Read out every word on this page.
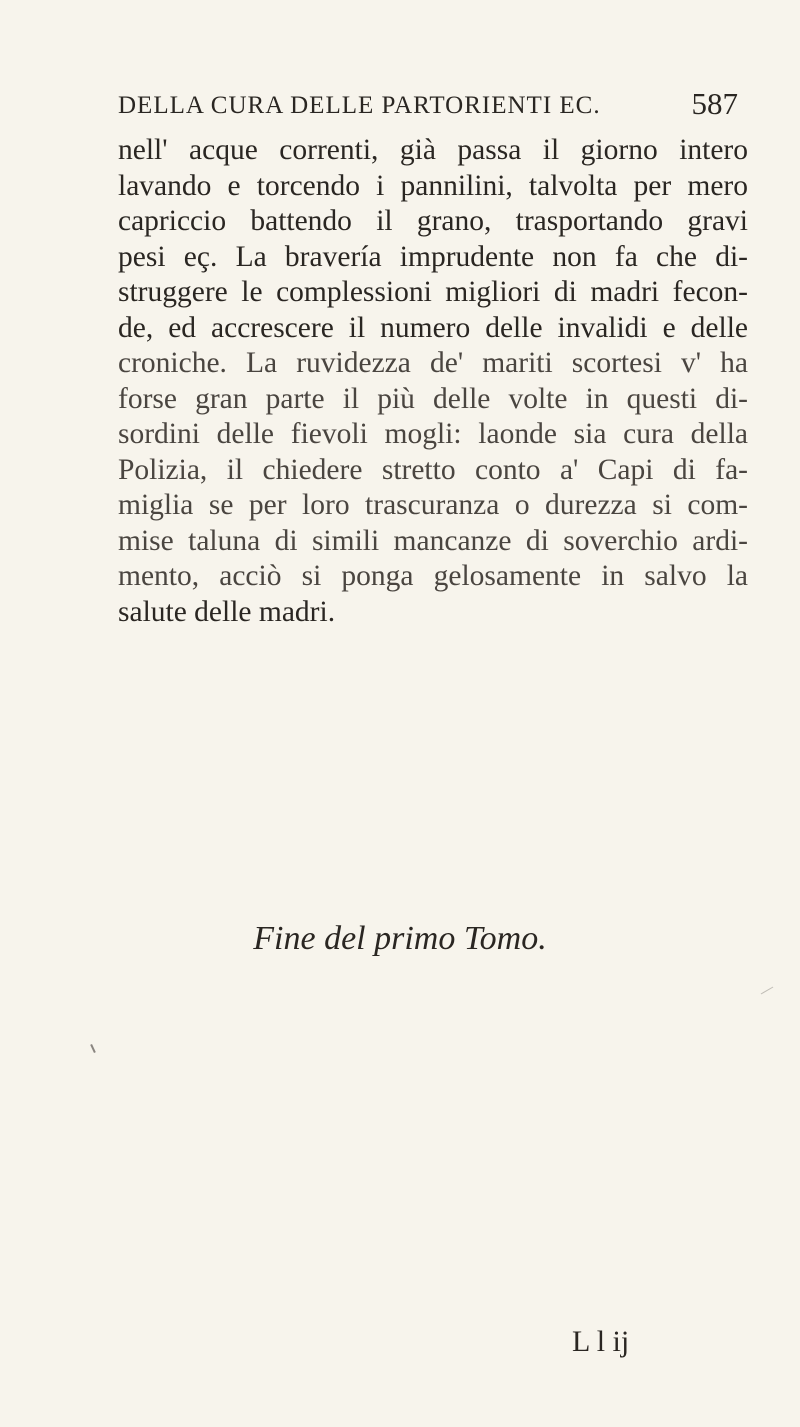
DELLA CURA DELLE PARTORIENTI EC.	587
nell' acque correnti, già passa il giorno intero
lavando e torcendo i pannilini, talvolta per mero
capriccio battendo il grano, trasportando gravi
pesi eç. La bravería imprudente non fa che di-
struggere le complessioni migliori di madri fecon-
de, ed accrescere il numero delle invalidi e delle
croniche. La ruvidezza de' mariti scortesi v' ha
forse gran parte il più delle volte in questi di-
sordini delle fievoli mogli: laonde sia cura della
Polizia, il chiedere stretto conto a' Capi di fa-
miglia se per loro trascuranza o durezza si com-
mise taluna di simili mancanze di soverchio ardi-
mento, acciò si ponga gelosamente in salvo la
salute delle madri.
Fine del primo Tomo.
L l ij
